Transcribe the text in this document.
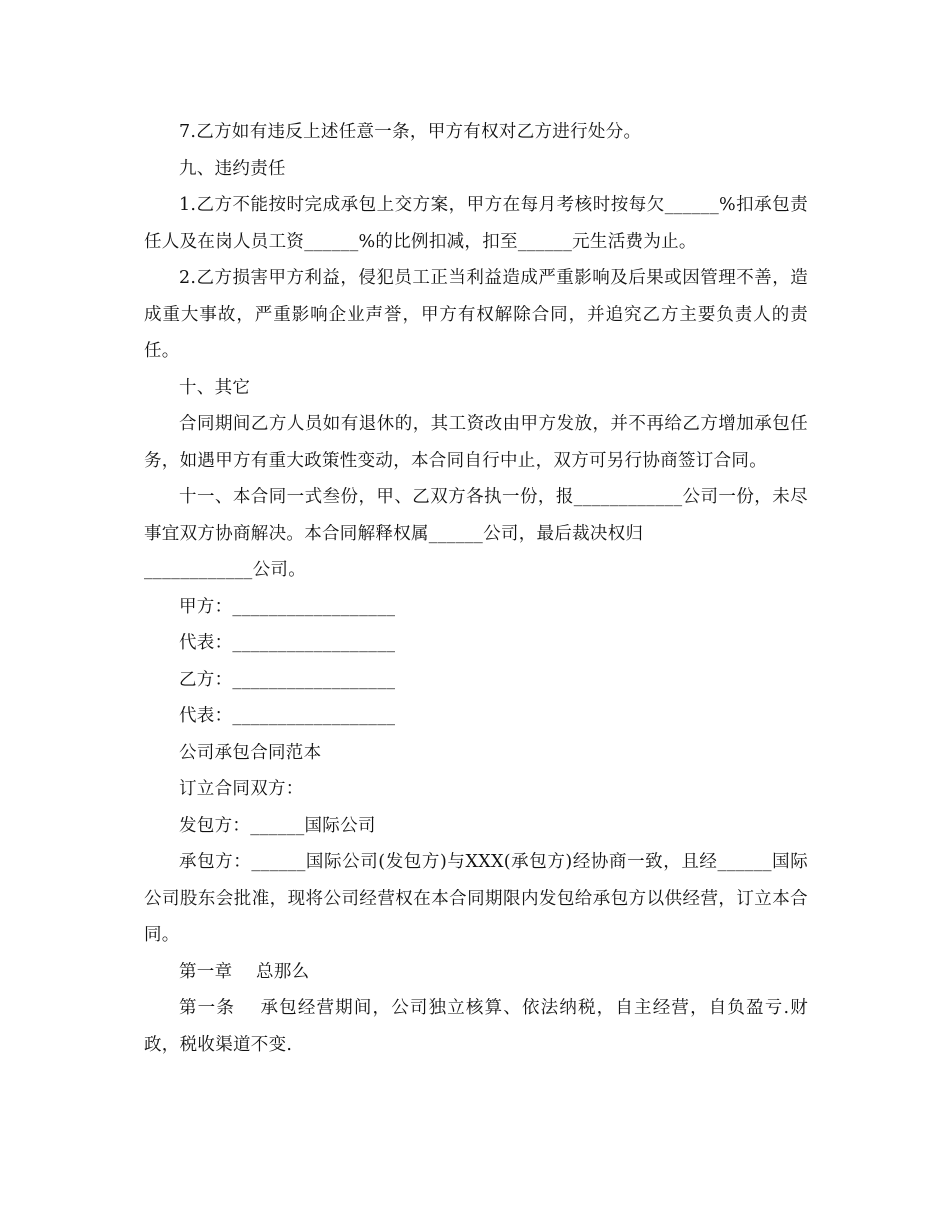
7.乙方如有违反上述任意一条，甲方有权对乙方进行处分。

九、违约责任

1.乙方不能按时完成承包上交方案，甲方在每月考核时按每欠______%扣承包责任人及在岗人员工资______%的比例扣减，扣至______元生活费为止。

2.乙方损害甲方利益，侵犯员工正当利益造成严重影响及后果或因管理不善，造成重大事故，严重影响企业声誉，甲方有权解除合同，并追究乙方主要负责人的责任。

十、其它

合同期间乙方人员如有退休的，其工资改由甲方发放，并不再给乙方增加承包任务，如遇甲方有重大政策性变动，本合同自行中止，双方可另行协商签订合同。

十一、本合同一式叁份，甲、乙双方各执一份，报____________公司一份，未尽事宜双方协商解决。本合同解释权属______公司，最后裁决权归

____________公司。

甲方：__________________

代表：__________________

乙方：__________________

代表：__________________

公司承包合同范本

订立合同双方：

发包方：______国际公司

承包方：______国际公司(发包方)与XXX(承包方)经协商一致，且经______国际公司股东会批准，现将公司经营权在本合同期限内发包给承包方以供经营，订立本合同。

第一章　 总那么

第一条　 承包经营期间，公司独立核算、依法纳税，自主经营，自负盈亏.财政，税收渠道不变.
